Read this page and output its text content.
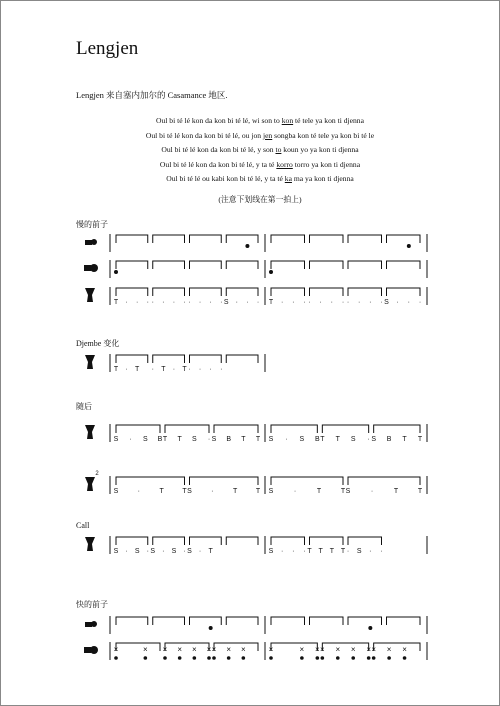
Lengjen
Lengjen 来自塞内加尔的 Casamance 地区.
Oul bi té lé kon da kon bi té lé, wi son to kon té tele ya kon ti djenna
Oul bi té lé kon da kon bi té lé, ou jon jen songba kon té tele ya kon bi té le
Oul bi té lé kon da kon bi té lé, y son to koun yo ya kon ti djenna
Oul bi té lé kon da kon bi té lé, y ta té korro torro ya kon ti djenna
Oul bi té lé ou kabi kon bi té lé, y ta té ka ma ya kon ti djenna
(注意下划线在第一拍上)
慢的前子
Djembe 变化
随后
Call
快的前子
T · · · · · · · · · · · S · · · T · · · · · · · · · · · S · · ·
T · T · T · T · · · ·
S · S B T T S · S B T T S · S B T T S · S B T T
2
S	·	T	T S	·	T	T S	·	T	T S	·	T	T
S · S · S · S · S · T	S · · · T T T T · S · ·
×	× × × × × × × ×	×	× × × × × × × × ×
